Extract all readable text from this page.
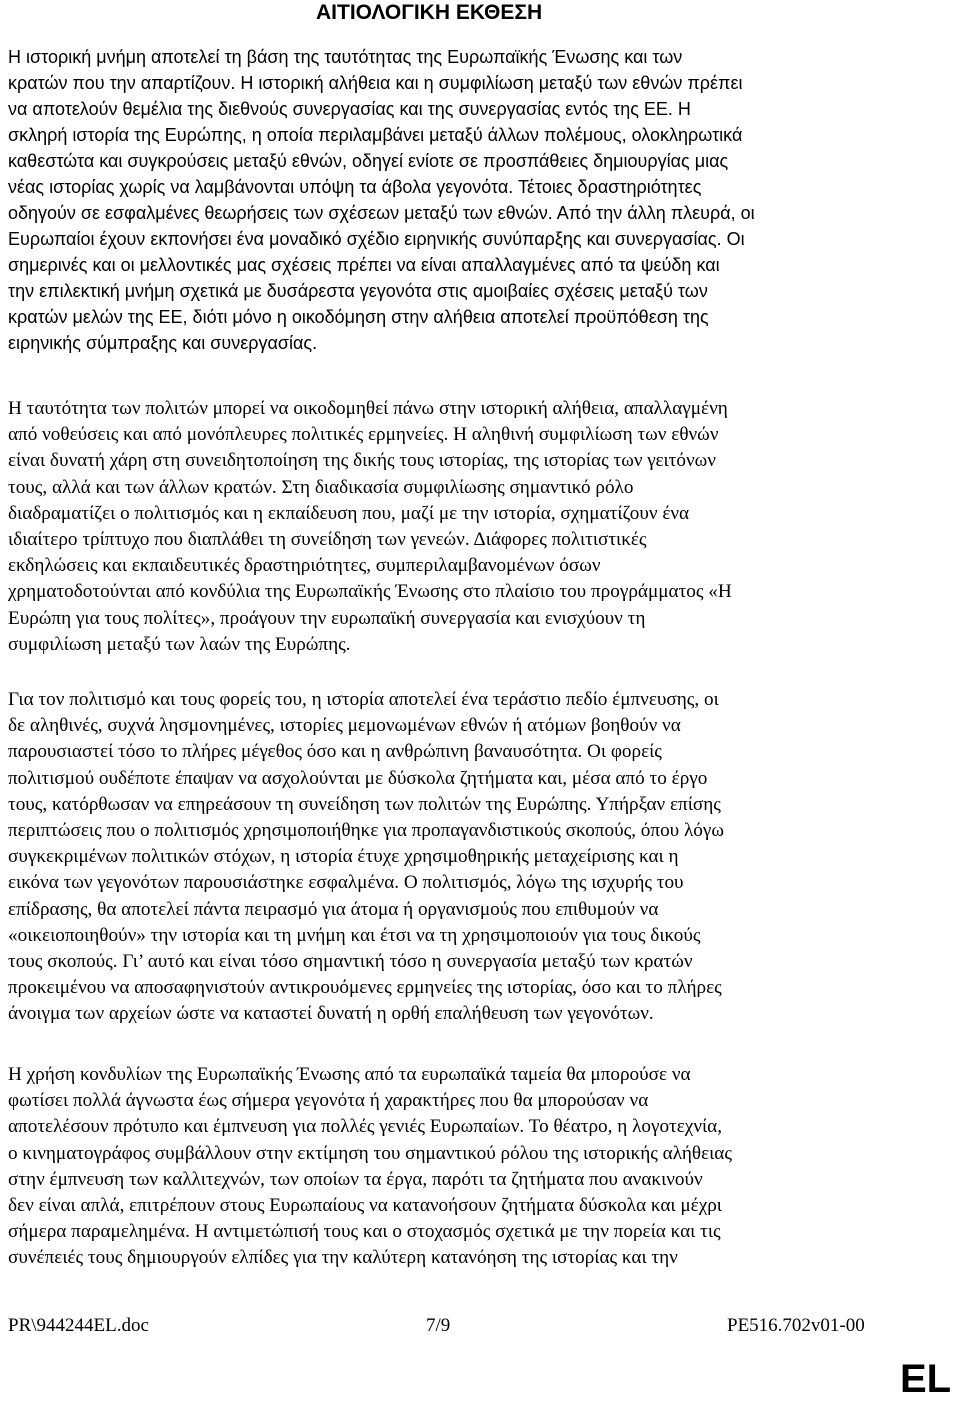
ΑΙΤΙΟΛΟΓΙΚΗ ΕΚΘΕΣΗ
Η ιστορική μνήμη αποτελεί τη βάση της ταυτότητας της Ευρωπαϊκής Ένωσης και των
κρατών που την απαρτίζουν. Η ιστορική αλήθεια και η συμφιλίωση μεταξύ των εθνών πρέπει
να αποτελούν θεμέλια της διεθνούς συνεργασίας και της συνεργασίας εντός της ΕΕ. Η
σκληρή ιστορία της Ευρώπης, η οποία περιλαμβάνει μεταξύ άλλων πολέμους, ολοκληρωτικά
καθεστώτα και συγκρούσεις μεταξύ εθνών, οδηγεί ενίοτε σε προσπάθειες δημιουργίας μιας
νέας ιστορίας χωρίς να λαμβάνονται υπόψη τα άβολα γεγονότα. Τέτοιες δραστηριότητες
οδηγούν σε εσφαλμένες θεωρήσεις των σχέσεων μεταξύ των εθνών. Από την άλλη πλευρά, οι
Ευρωπαίοι έχουν εκπονήσει ένα μοναδικό σχέδιο ειρηνικής συνύπαρξης και συνεργασίας. Οι
σημερινές και οι μελλοντικές μας σχέσεις πρέπει να είναι απαλλαγμένες από τα ψεύδη και
την επιλεκτική μνήμη σχετικά με δυσάρεστα γεγονότα στις αμοιβαίες σχέσεις μεταξύ των
κρατών μελών της ΕΕ, διότι μόνο η οικοδόμηση στην αλήθεια αποτελεί προϋπόθεση της
ειρηνικής σύμπραξης και συνεργασίας.
Η ταυτότητα των πολιτών μπορεί να οικοδομηθεί πάνω στην ιστορική αλήθεια, απαλλαγμένη
από νοθεύσεις και από μονόπλευρες πολιτικές ερμηνείες. Η αληθινή συμφιλίωση των εθνών
είναι δυνατή χάρη στη συνειδητοποίηση της δικής τους ιστορίας, της ιστορίας των γειτόνων
τους, αλλά και των άλλων κρατών. Στη διαδικασία συμφιλίωσης σημαντικό ρόλο
διαδραματίζει ο πολιτισμός και η εκπαίδευση που, μαζί με την ιστορία, σχηματίζουν ένα
ιδιαίτερο τρίπτυχο που διαπλάθει τη συνείδηση των γενεών. Διάφορες πολιτιστικές
εκδηλώσεις και εκπαιδευτικές δραστηριότητες, συμπεριλαμβανομένων όσων
χρηματοδοτούνται από κονδύλια της Ευρωπαϊκής Ένωσης στο πλαίσιο του προγράμματος «Η
Ευρώπη για τους πολίτες», προάγουν την ευρωπαϊκή συνεργασία και ενισχύουν τη
συμφιλίωση μεταξύ των λαών της Ευρώπης.
Για τον πολιτισμό και τους φορείς του, η ιστορία αποτελεί ένα τεράστιο πεδίο έμπνευσης, οι
δε αληθινές, συχνά λησμονημένες, ιστορίες μεμονωμένων εθνών ή ατόμων βοηθούν να
παρουσιαστεί τόσο το πλήρες μέγεθος όσο και η ανθρώπινη βαναυσότητα. Οι φορείς
πολιτισμού ουδέποτε έπαψαν να ασχολούνται με δύσκολα ζητήματα και, μέσα από το έργο
τους, κατόρθωσαν να επηρεάσουν τη συνείδηση των πολιτών της Ευρώπης. Υπήρξαν επίσης
περιπτώσεις που ο πολιτισμός χρησιμοποιήθηκε για προπαγανδιστικούς σκοπούς, όπου λόγω
συγκεκριμένων πολιτικών στόχων, η ιστορία έτυχε χρησιμοθηρικής μεταχείρισης και η
εικόνα των γεγονότων παρουσιάστηκε εσφαλμένα. Ο πολιτισμός, λόγω της ισχυρής του
επίδρασης, θα αποτελεί πάντα πειρασμό για άτομα ή οργανισμούς που επιθυμούν να
«οικειοποιηθούν» την ιστορία και τη μνήμη και έτσι να τη χρησιμοποιούν για τους δικούς
τους σκοπούς. Γι’ αυτό και είναι τόσο σημαντική τόσο η συνεργασία μεταξύ των κρατών
προκειμένου να αποσαφηνιστούν αντικρουόμενες ερμηνείες της ιστορίας, όσο και το πλήρες
άνοιγμα των αρχείων ώστε να καταστεί δυνατή η ορθή επαλήθευση των γεγονότων.
Η χρήση κονδυλίων της Ευρωπαϊκής Ένωσης από τα ευρωπαϊκά ταμεία θα μπορούσε να
φωτίσει πολλά άγνωστα έως σήμερα γεγονότα ή χαρακτήρες που θα μπορούσαν να
αποτελέσουν πρότυπο και έμπνευση για πολλές γενιές Ευρωπαίων. Το θέατρο, η λογοτεχνία,
ο κινηματογράφος συμβάλλουν στην εκτίμηση του σημαντικού ρόλου της ιστορικής αλήθειας
στην έμπνευση των καλλιτεχνών, των οποίων τα έργα, παρότι τα ζητήματα που ανακινούν
δεν είναι απλά, επιτρέπουν στους Ευρωπαίους να κατανοήσουν ζητήματα δύσκολα και μέχρι
σήμερα παραμελημένα. Η αντιμετώπισή τους και ο στοχασμός σχετικά με την πορεία και τις
συνέπειές τους δημιουργούν ελπίδες για την καλύτερη κατανόηση της ιστορίας και την
PR\944244EL.doc	7/9	PE516.702v01-00
EL
